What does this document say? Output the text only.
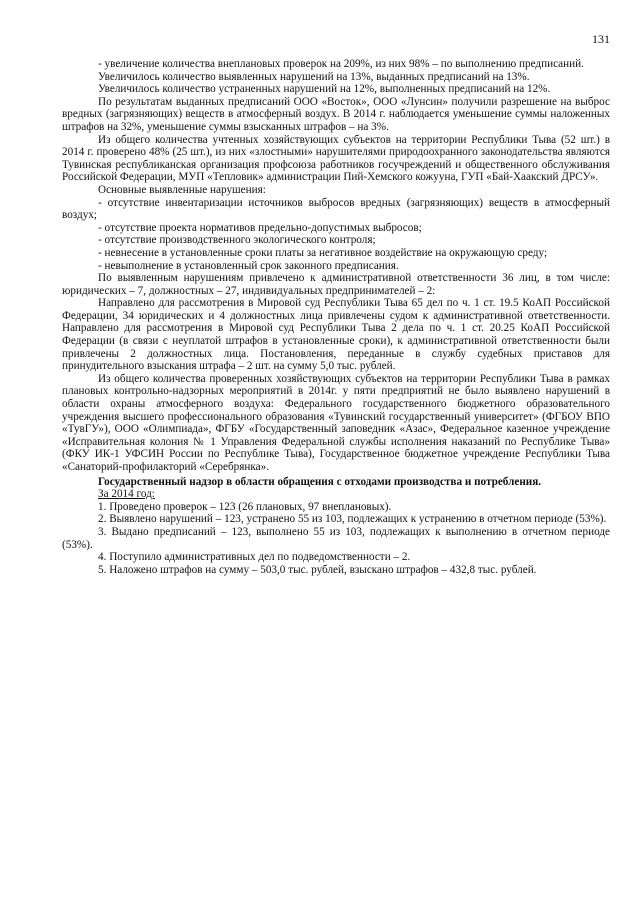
131

- увеличение количества внеплановых проверок на 209%, из них 98% – по выполнению предписаний.

Увеличилось количество выявленных нарушений на 13%, выданных предписаний на 13%.

Увеличилось количество устраненных нарушений на 12%, выполненных предписаний на 12%.

По результатам выданных предписаний ООО «Восток», ООО «Лунсин» получили разрешение на выброс вредных (загрязняющих) веществ в атмосферный воздух. В 2014 г. наблюдается уменьшение суммы наложенных штрафов на 32%, уменьшение суммы взысканных штрафов – на 3%.

Из общего количества учтенных хозяйствующих субъектов на территории Республики Тыва (52 шт.) в 2014 г. проверено 48% (25 шт.), из них «злостными» нарушителями природоохранного законодательства являются Тувинская республиканская организация профсоюза работников госучреждений и общественного обслуживания Российской Федерации, МУП «Тепловик» администрации Пий-Хемского кожууна, ГУП «Бай-Хаакский ДРСУ».

Основные выявленные нарушения:

- отсутствие инвентаризации источников выбросов вредных (загрязняющих) веществ в атмосферный воздух;

- отсутствие проекта нормативов предельно-допустимых выбросов;

- отсутствие производственного экологического контроля;

- невнесение в установленные сроки платы за негативное воздействие на окружающую среду;

- невыполнение в установленный срок законного предписания.

По выявленным нарушениям привлечено к административной ответственности 36 лиц, в том числе: юридических – 7, должностных – 27, индивидуальных предпринимателей – 2:

Направлено для рассмотрения в Мировой суд Республики Тыва 65 дел по ч. 1 ст. 19.5 КоАП Российской Федерации, 34 юридических и 4 должностных лица привлечены судом к административной ответственности. Направлено для рассмотрения в Мировой суд Республики Тыва 2 дела по ч. 1 ст. 20.25 КоАП Российской Федерации (в связи с неуплатой штрафов в установленные сроки), к административной ответственности были привлечены 2 должностных лица. Постановления, переданные в службу судебных приставов для принудительного взыскания штрафа – 2 шт. на сумму 5,0 тыс. рублей.

Из общего количества проверенных хозяйствующих субъектов на территории Республики Тыва в рамках плановых контрольно-надзорных мероприятий в 2014г. у пяти предприятий не было выявлено нарушений в области охраны атмосферного воздуха: Федерального государственного бюджетного образовательного учреждения высшего профессионального образования «Тувинский государственный университет» (ФГБОУ ВПО «ТувГУ»), ООО «Олимпиада», ФГБУ «Государственный заповедник «Азас», Федеральное казенное учреждение «Исправительная колония № 1 Управления Федеральной службы исполнения наказаний по Республике Тыва» (ФКУ ИК-1 УФСИН России по Республике Тыва), Государственное бюджетное учреждение Республики Тыва «Санаторий-профилакторий «Серебрянка».

Государственный надзор в области обращения с отходами производства и потребления.

За 2014 год:

1. Проведено проверок – 123 (26 плановых, 97 внеплановых).

2. Выявлено нарушений – 123, устранено 55 из 103, подлежащих к устранению в отчетном периоде (53%).

3. Выдано предписаний – 123, выполнено 55 из 103, подлежащих к выполнению в отчетном периоде (53%).

4. Поступило административных дел по подведомственности – 2.

5. Наложено штрафов на сумму – 503,0 тыс. рублей, взыскано штрафов – 432,8 тыс. рублей.
